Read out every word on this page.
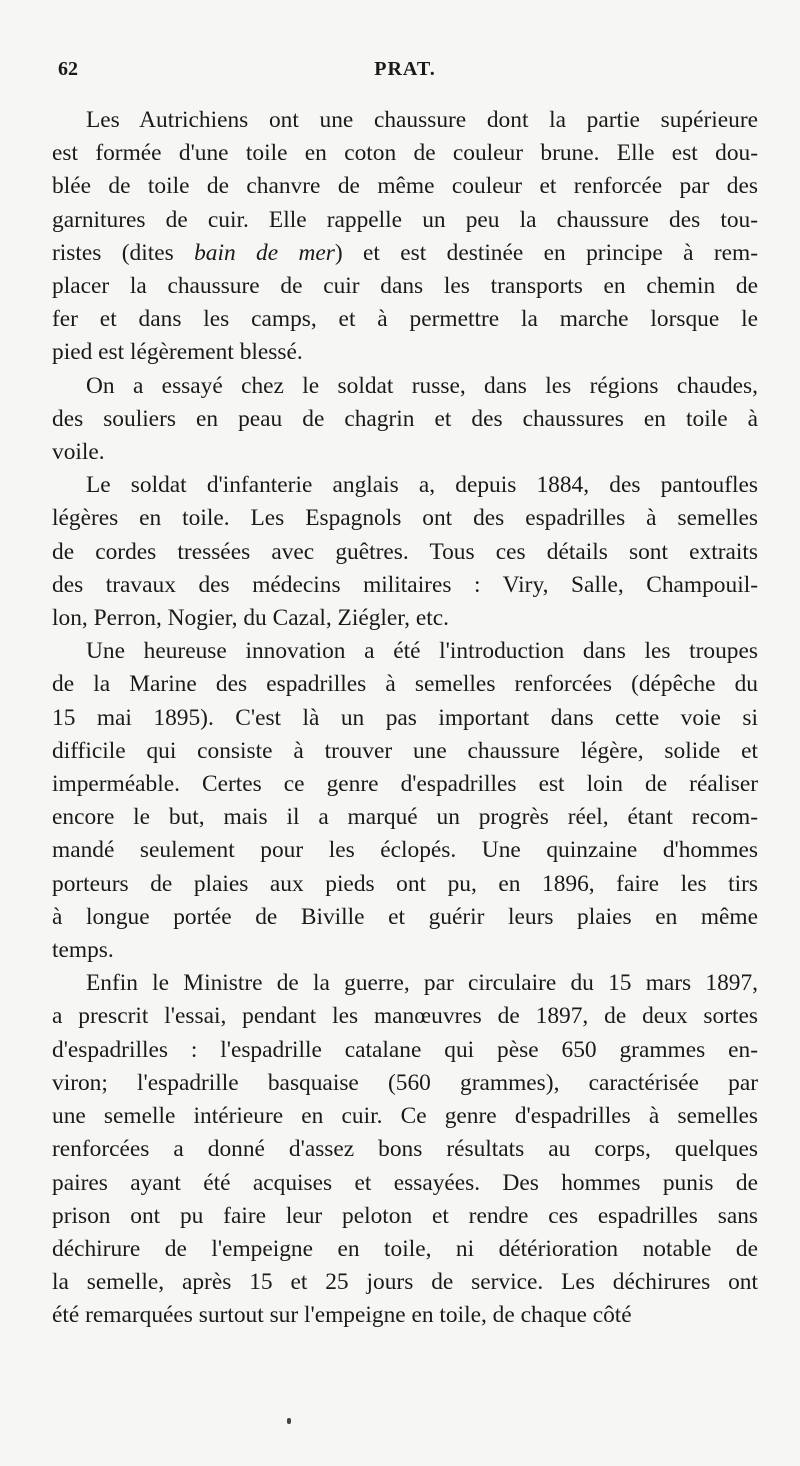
62	PRAT.
Les Autrichiens ont une chaussure dont la partie supérieure
est formée d'une toile en coton de couleur brune. Elle est dou-
blée de toile de chanvre de même couleur et renforcée par des
garnitures de cuir. Elle rappelle un peu la chaussure des tou-
ristes (dites bain de mer) et est destinée en principe à rem-
placer la chaussure de cuir dans les transports en chemin de
fer et dans les camps, et à permettre la marche lorsque le
pied est légèrement blessé.
On a essayé chez le soldat russe, dans les régions chaudes,
des souliers en peau de chagrin et des chaussures en toile à
voile.
Le soldat d'infanterie anglais a, depuis 1884, des pantoufles
légères en toile. Les Espagnols ont des espadrilles à semelles
de cordes tressées avec guêtres. Tous ces détails sont extraits
des travaux des médecins militaires : Viry, Salle, Champouil-
lon, Perron, Nogier, du Cazal, Ziégler, etc.
Une heureuse innovation a été l'introduction dans les troupes
de la Marine des espadrilles à semelles renforcées (dépêche du
15 mai 1895). C'est là un pas important dans cette voie si
difficile qui consiste à trouver une chaussure légère, solide et
imperméable. Certes ce genre d'espadrilles est loin de réaliser
encore le but, mais il a marqué un progrès réel, étant recom-
mandé seulement pour les éclopés. Une quinzaine d'hommes
porteurs de plaies aux pieds ont pu, en 1896, faire les tirs
à longue portée de Biville et guérir leurs plaies en même
temps.
Enfin le Ministre de la guerre, par circulaire du 15 mars 1897,
a prescrit l'essai, pendant les manœuvres de 1897, de deux sortes
d'espadrilles : l'espadrille catalane qui pèse 650 grammes en-
viron; l'espadrille basquaise (560 grammes), caractérisée par
une semelle intérieure en cuir. Ce genre d'espadrilles à semelles
renforcées a donné d'assez bons résultats au corps, quelques
paires ayant été acquises et essayées. Des hommes punis de
prison ont pu faire leur peloton et rendre ces espadrilles sans
déchirure de l'empeigne en toile, ni détérioration notable de
la semelle, après 15 et 25 jours de service. Les déchirures ont
été remarquées surtout sur l'empeigne en toile, de chaque côté
